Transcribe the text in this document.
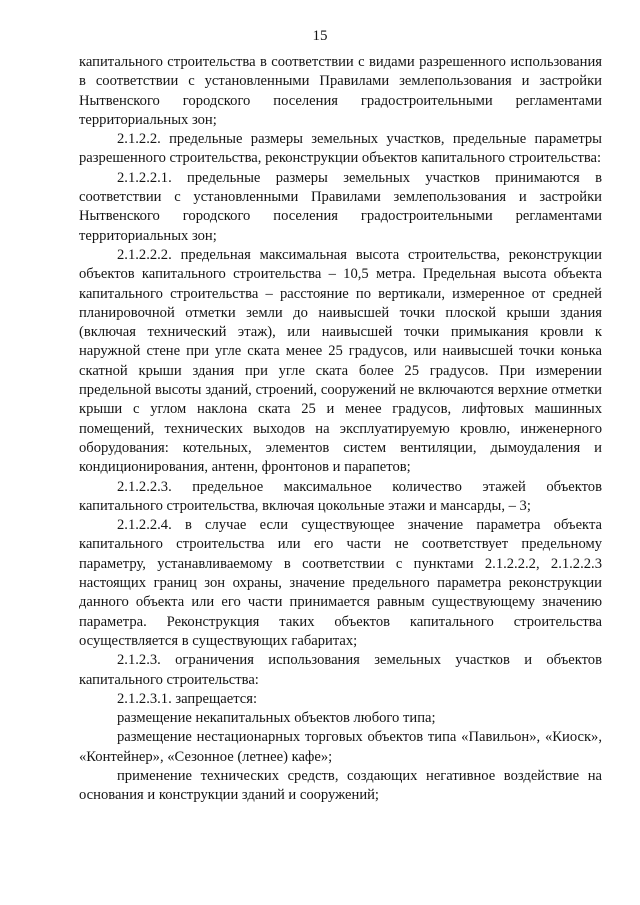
15

капитального строительства в соответствии с видами разрешенного использования в соответствии с установленными Правилами землепользования и застройки Нытвенского городского поселения градостроительными регламентами территориальных зон;

2.1.2.2. предельные размеры земельных участков, предельные параметры разрешенного строительства, реконструкции объектов капитального строительства:

2.1.2.2.1. предельные размеры земельных участков принимаются в соответствии с установленными Правилами землепользования и застройки Нытвенского городского поселения градостроительными регламентами территориальных зон;

2.1.2.2.2. предельная максимальная высота строительства, реконструкции объектов капитального строительства – 10,5 метра. Предельная высота объекта капитального строительства – расстояние по вертикали, измеренное от средней планировочной отметки земли до наивысшей точки плоской крыши здания (включая технический этаж), или наивысшей точки примыкания кровли к наружной стене при угле ската менее 25 градусов, или наивысшей точки конька скатной крыши здания при угле ската более 25 градусов. При измерении предельной высоты зданий, строений, сооружений не включаются верхние отметки крыши с углом наклона ската 25 и менее градусов, лифтовых машинных помещений, технических выходов на эксплуатируемую кровлю, инженерного оборудования: котельных, элементов систем вентиляции, дымоудаления и кондиционирования, антенн, фронтонов и парапетов;

2.1.2.2.3. предельное максимальное количество этажей объектов капитального строительства, включая цокольные этажи и мансарды, – 3;

2.1.2.2.4. в случае если существующее значение параметра объекта капитального строительства или его части не соответствует предельному параметру, устанавливаемому в соответствии с пунктами 2.1.2.2.2, 2.1.2.2.3 настоящих границ зон охраны, значение предельного параметра реконструкции данного объекта или его части принимается равным существующему значению параметра. Реконструкция таких объектов капитального строительства осуществляется в существующих габаритах;

2.1.2.3. ограничения использования земельных участков и объектов капитального строительства:

2.1.2.3.1. запрещается:

размещение некапитальных объектов любого типа;

размещение нестационарных торговых объектов типа «Павильон», «Киоск», «Контейнер», «Сезонное (летнее) кафе»;

применение технических средств, создающих негативное воздействие на основания и конструкции зданий и сооружений;
